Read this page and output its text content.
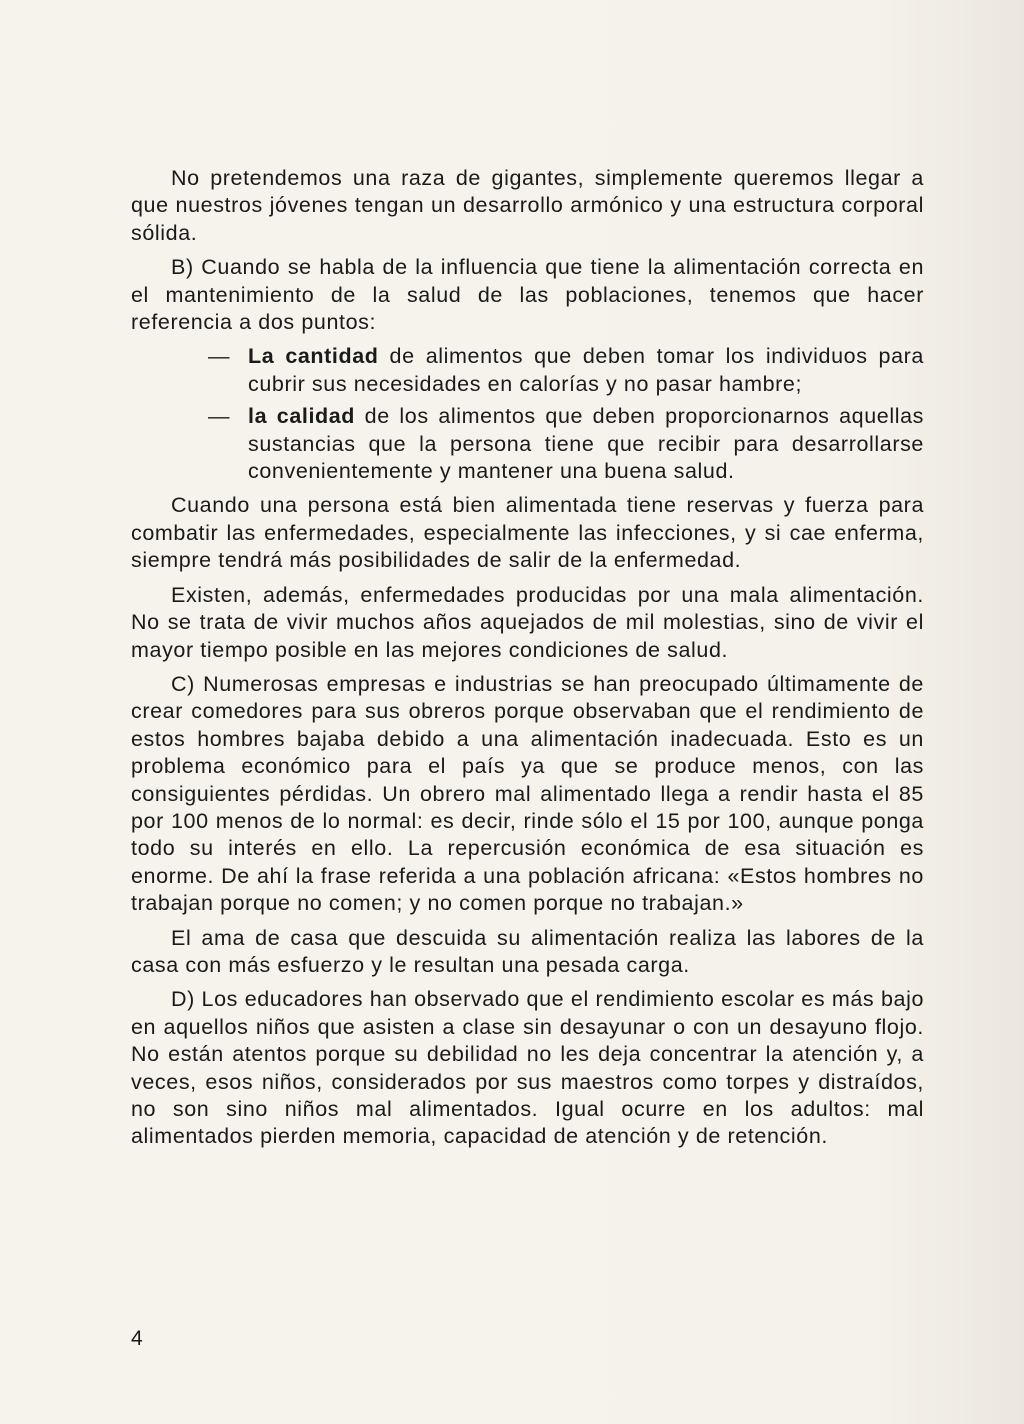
No pretendemos una raza de gigantes, simplemente queremos llegar a que nuestros jóvenes tengan un desarrollo armónico y una estructura corporal sólida.

B) Cuando se habla de la influencia que tiene la alimentación correcta en el mantenimiento de la salud de las poblaciones, tenemos que hacer referencia a dos puntos:

— La cantidad de alimentos que deben tomar los individuos para cubrir sus necesidades en calorías y no pasar hambre;
— la calidad de los alimentos que deben proporcionarnos aquellas sustancias que la persona tiene que recibir para desarrollarse convenientemente y mantener una buena salud.

Cuando una persona está bien alimentada tiene reservas y fuerza para combatir las enfermedades, especialmente las infecciones, y si cae enferma, siempre tendrá más posibilidades de salir de la enfermedad.

Existen, además, enfermedades producidas por una mala alimentación. No se trata de vivir muchos años aquejados de mil molestias, sino de vivir el mayor tiempo posible en las mejores condiciones de salud.

C) Numerosas empresas e industrias se han preocupado últimamente de crear comedores para sus obreros porque observaban que el rendimiento de estos hombres bajaba debido a una alimentación inadecuada. Esto es un problema económico para el país ya que se produce menos, con las consiguientes pérdidas. Un obrero mal alimentado llega a rendir hasta el 85 por 100 menos de lo normal: es decir, rinde sólo el 15 por 100, aunque ponga todo su interés en ello. La repercusión económica de esa situación es enorme. De ahí la frase referida a una población africana: «Estos hombres no trabajan porque no comen; y no comen porque no trabajan.»

El ama de casa que descuida su alimentación realiza las labores de la casa con más esfuerzo y le resultan una pesada carga.

D) Los educadores han observado que el rendimiento escolar es más bajo en aquellos niños que asisten a clase sin desayunar o con un desayuno flojo. No están atentos porque su debilidad no les deja concentrar la atención y, a veces, esos niños, considerados por sus maestros como torpes y distraídos, no son sino niños mal alimentados. Igual ocurre en los adultos: mal alimentados pierden memoria, capacidad de atención y de retención.

4
